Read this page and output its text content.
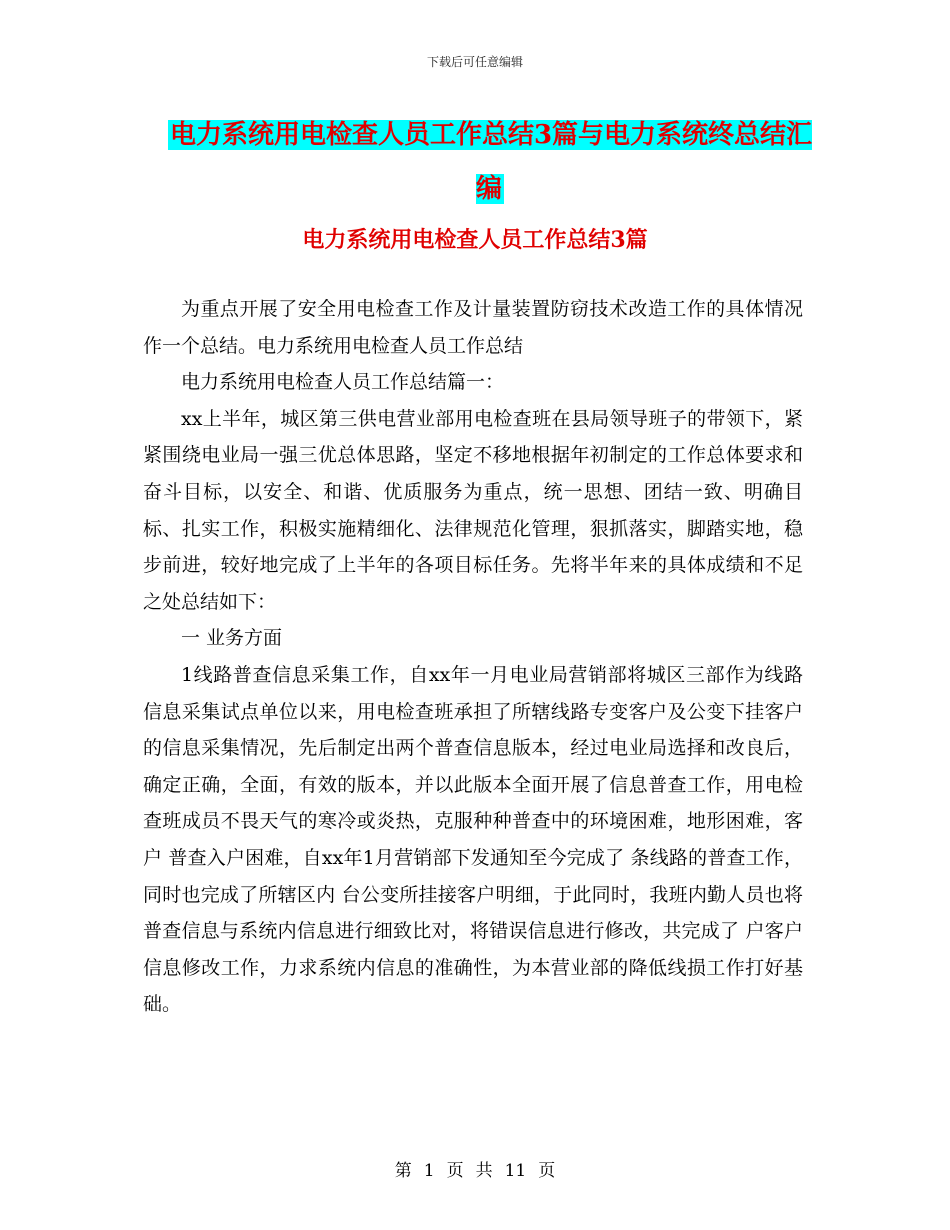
下载后可任意编辑
电力系统用电检查人员工作总结3篇与电力系统终总结汇编
电力系统用电检查人员工作总结3篇

为重点开展了安全用电检查工作及计量装置防窃技术改造工作的具体情况作一个总结。电力系统用电检查人员工作总结

电力系统用电检查人员工作总结篇一：

xx上半年，城区第三供电营业部用电检查班在县局领导班子的带领下，紧紧围绕电业局一强三优总体思路，坚定不移地根据年初制定的工作总体要求和奋斗目标，以安全、和谐、优质服务为重点，统一思想、团结一致、明确目标、扎实工作，积极实施精细化、法律规范化管理，狠抓落实，脚踏实地，稳步前进，较好地完成了上半年的各项目标任务。先将半年来的具体成绩和不足之处总结如下：

一 业务方面

1线路普查信息采集工作，自xx年一月电业局营销部将城区三部作为线路信息采集试点单位以来，用电检查班承担了所辖线路专变客户及公变下挂客户的信息采集情况，先后制定出两个普查信息版本，经过电业局选择和改良后，确定正确，全面，有效的版本，并以此版本全面开展了信息普查工作，用电检查班成员不畏天气的寒冷或炎热，克服种种普查中的环境困难，地形困难，客户 普查入户困难，自xx年1月营销部下发通知至今完成了 条线路的普查工作，同时也完成了所辖区内 台公变所挂接客户明细，于此同时，我班内勤人员也将普查信息与系统内信息进行细致比对，将错误信息进行修改，共完成了 户客户信息修改工作，力求系统内信息的准确性，为本营业部的降低线损工作打好基础。

第 1 页 共 11 页
